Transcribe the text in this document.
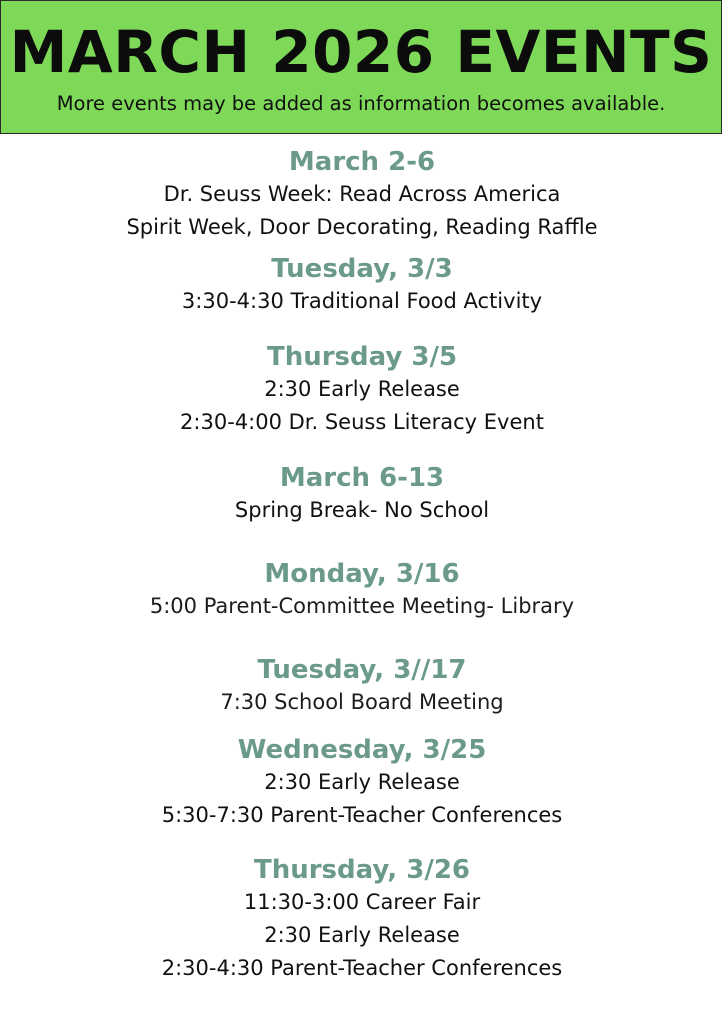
MARCH 2026 EVENTS
More events may be added as information becomes available.
March 2-6
Dr. Seuss Week: Read Across America
Spirit Week, Door Decorating, Reading Raffle
Tuesday, 3/3
3:30-4:30 Traditional Food Activity
Thursday 3/5
2:30 Early Release
2:30-4:00 Dr. Seuss Literacy Event
March 6-13
Spring Break- No School
Monday, 3/16
5:00 Parent-Committee Meeting- Library
Tuesday, 3//17
7:30 School Board Meeting
Wednesday, 3/25
2:30 Early Release
5:30-7:30 Parent-Teacher Conferences
Thursday, 3/26
11:30-3:00 Career Fair
2:30 Early Release
2:30-4:30 Parent-Teacher Conferences
